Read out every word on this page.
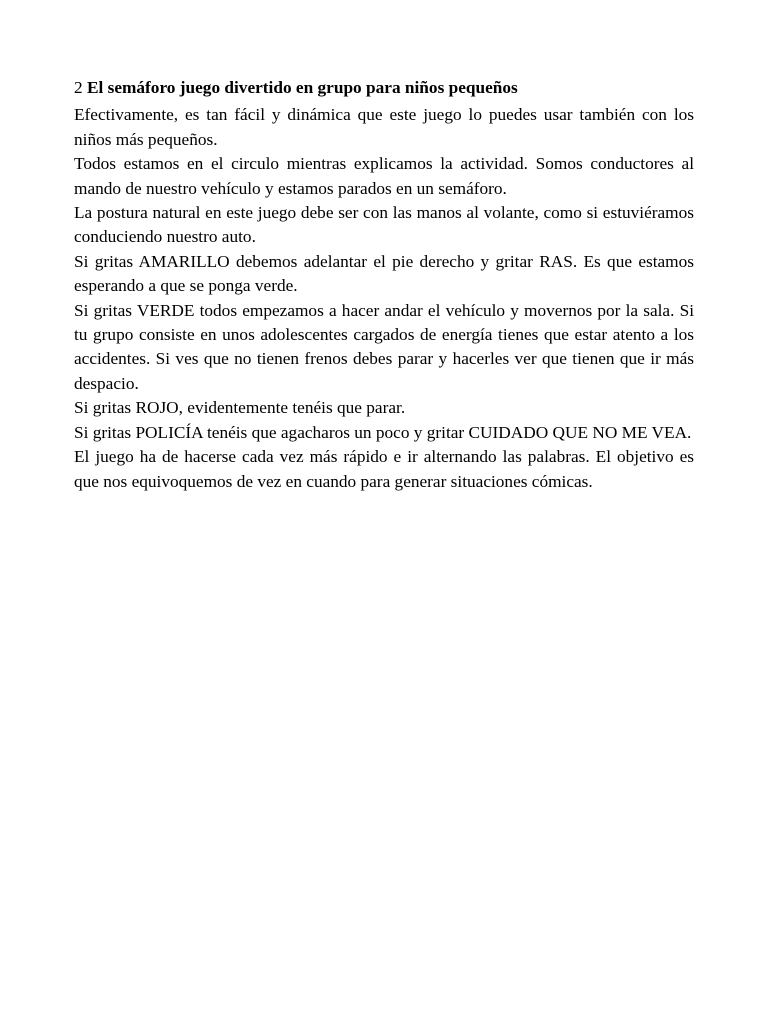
2 El semáforo juego divertido en grupo para niños pequeños

Efectivamente, es tan fácil y dinámica que este juego lo puedes usar también con los niños más pequeños.

Todos estamos en el circulo mientras explicamos la actividad. Somos conductores al mando de nuestro vehículo y estamos parados en un semáforo.

La postura natural en este juego debe ser con las manos al volante, como si estuviéramos conduciendo nuestro auto.

Si gritas AMARILLO debemos adelantar el pie derecho y gritar RAS. Es que estamos esperando a que se ponga verde.

Si gritas VERDE todos empezamos a hacer andar el vehículo y movernos por la sala. Si tu grupo consiste en unos adolescentes cargados de energía tienes que estar atento a los accidentes. Si ves que no tienen frenos debes parar y hacerles ver que tienen que ir más despacio.

Si gritas ROJO, evidentemente tenéis que parar.

Si gritas POLICÍA tenéis que agacharos un poco y gritar CUIDADO QUE NO ME VEA.

El juego ha de hacerse cada vez más rápido e ir alternando las palabras. El objetivo es que nos equivoquemos de vez en cuando para generar situaciones cómicas.
